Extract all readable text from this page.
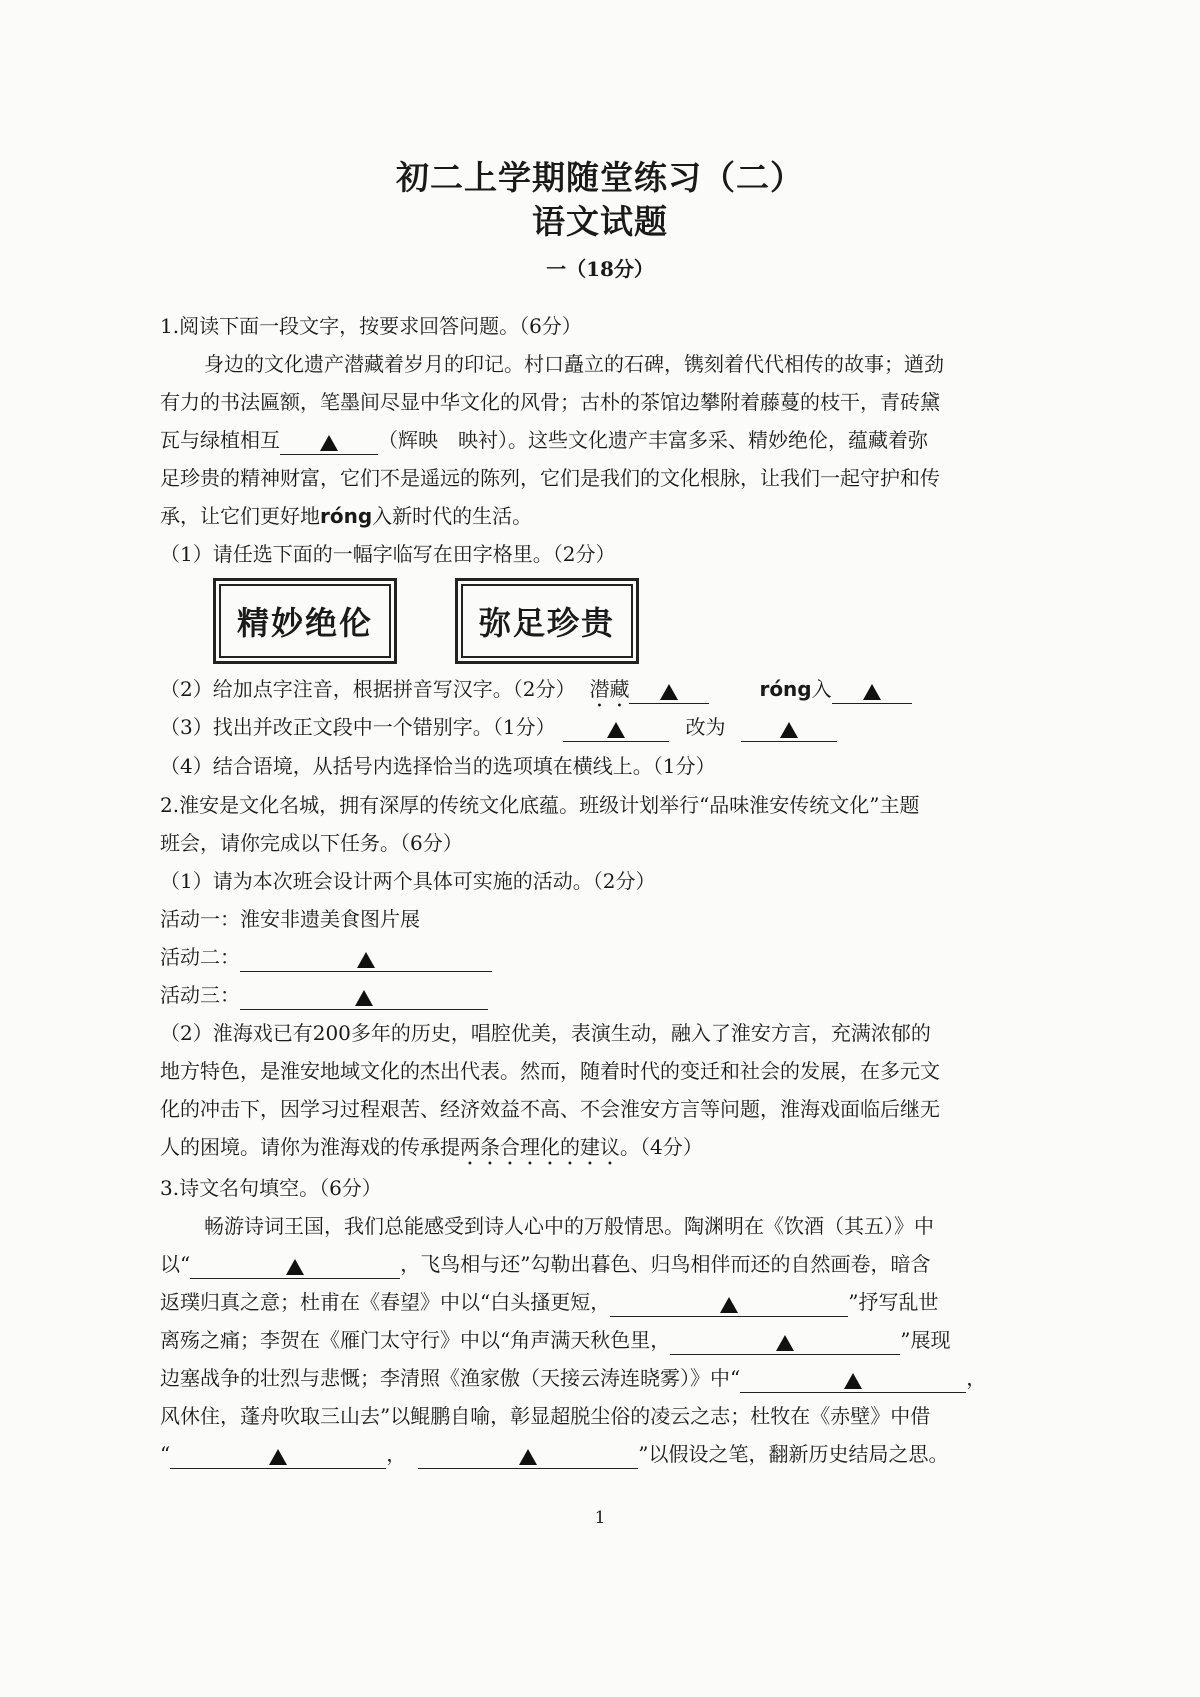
初二上学期随堂练习（二）
语文试题
一（18分）
1.阅读下面一段文字，按要求回答问题。（6分）
身边的文化遗产潜藏着岁月的印记。村口矗立的石碑，镌刻着代代相传的故事；遒劲
有力的书法匾额，笔墨间尽显中华文化的风骨；古朴的茶馆边攀附着藤蔓的枝干，青砖黛
瓦与绿植相互	（辉映　映衬）。这些文化遗产丰富多采、精妙绝伦，蕴藏着弥
足珍贵的精神财富，它们不是遥远的陈列，它们是我们的文化根脉，让我们一起守护和传
承，让它们更好地róng入新时代的生活。
（1）请任选下面的一幅字临写在田字格里。（2分）
精妙绝伦	弥足珍贵
（2）给加点字注音，根据拼音写汉字。（2分） 潜藏	róng入
（3）找出并改正文段中一个错别字。（1分）	改为
（4）结合语境，从括号内选择恰当的选项填在横线上。（1分）
2.淮安是文化名城，拥有深厚的传统文化底蕴。班级计划举行“品味淮安传统文化”主题
班会，请你完成以下任务。（6分）
（1）请为本次班会设计两个具体可实施的活动。（2分）
活动一：淮安非遗美食图片展
活动二：
活动三：
（2）淮海戏已有200多年的历史，唱腔优美，表演生动，融入了淮安方言，充满浓郁的
地方特色，是淮安地域文化的杰出代表。然而，随着时代的变迁和社会的发展，在多元文
化的冲击下，因学习过程艰苦、经济效益不高、不会淮安方言等问题，淮海戏面临后继无
人的困境。请你为淮海戏的传承提两条合理化的建议。（4分）
3.诗文名句填空。（6分）
畅游诗词王国，我们总能感受到诗人心中的万般情思。陶渊明在《饮酒（其五）》中
以“	，飞鸟相与还”勾勒出暮色、归鸟相伴而还的自然画卷，暗含
返璞归真之意；杜甫在《春望》中以“白头搔更短，	”抒写乱世
离殇之痛；李贺在《雁门太守行》中以“角声满天秋色里，	”展现
边塞战争的壮烈与悲慨；李清照《渔家傲（天接云涛连晓雾）》中“	，
风休住，蓬舟吹取三山去”以鲲鹏自喻，彰显超脱尘俗的凌云之志；杜牧在《赤壁》中借
“	，	”以假设之笔，翻新历史结局之思。
1
